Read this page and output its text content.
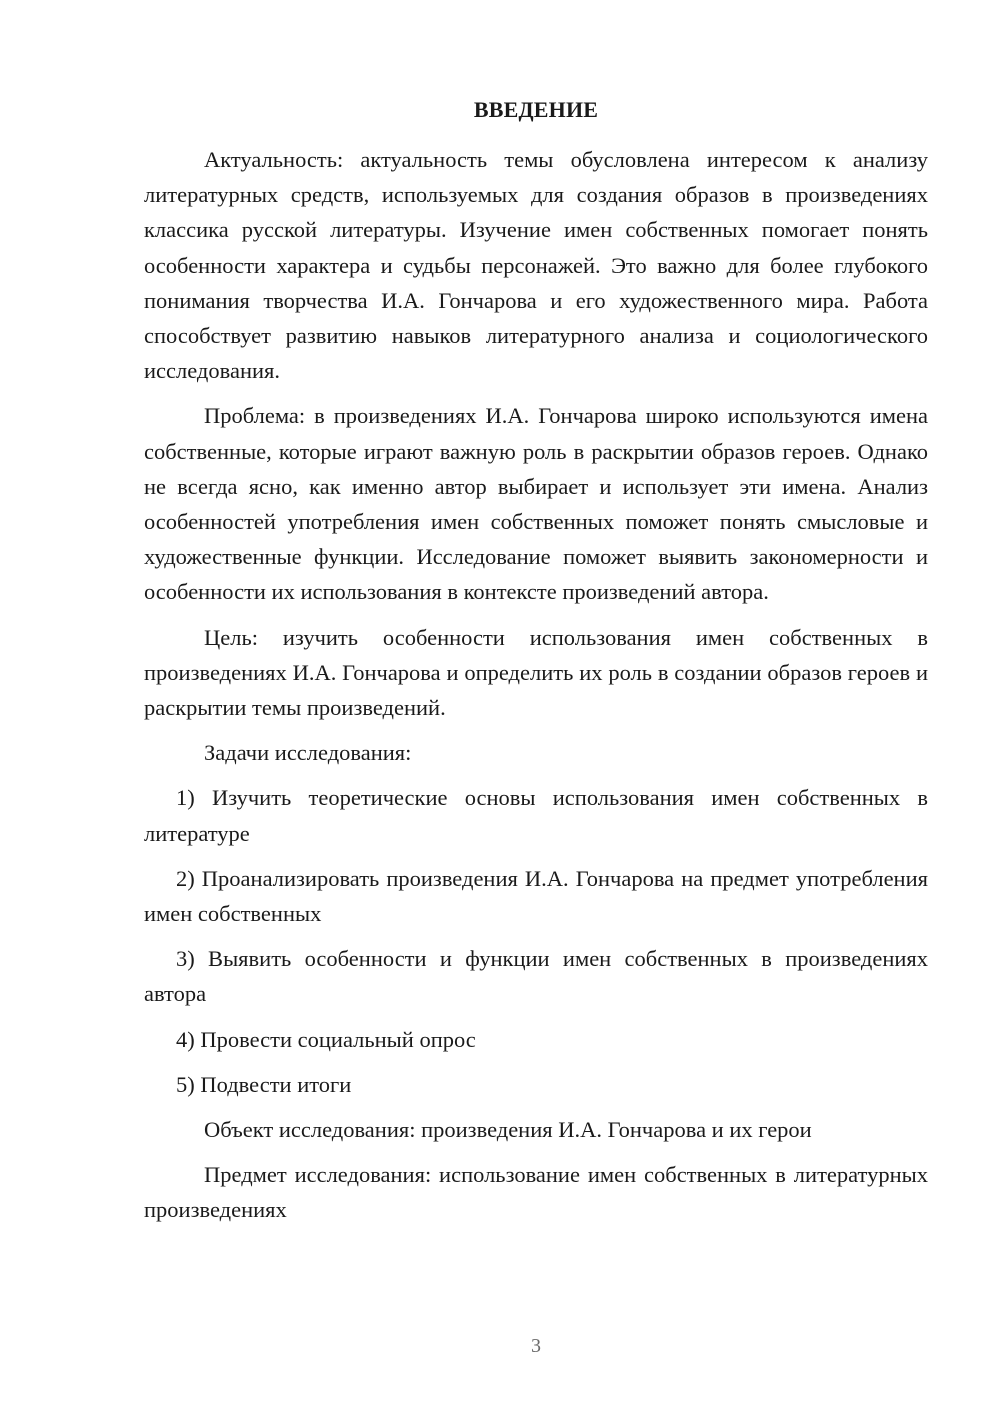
ВВЕДЕНИЕ

Актуальность: актуальность темы обусловлена интересом к анализу литературных средств, используемых для создания образов в произведениях классика русской литературы. Изучение имен собственных помогает понять особенности характера и судьбы персонажей. Это важно для более глубокого понимания творчества И.А. Гончарова и его художественного мира. Работа способствует развитию навыков литературного анализа и социологического исследования.

Проблема: в произведениях И.А. Гончарова широко используются имена собственные, которые играют важную роль в раскрытии образов героев. Однако не всегда ясно, как именно автор выбирает и использует эти имена. Анализ особенностей употребления имен собственных поможет понять смысловые и художественные функции. Исследование поможет выявить закономерности и особенности их использования в контексте произведений автора.

Цель: изучить особенности использования имен собственных в произведениях И.А. Гончарова и определить их роль в создании образов героев и раскрытии темы произведений.

Задачи исследования:

1) Изучить теоретические основы использования имен собственных в литературе

2) Проанализировать произведения И.А. Гончарова на предмет употребления имен собственных

3) Выявить особенности и функции имен собственных в произведениях автора

4) Провести социальный опрос

5) Подвести итоги

Объект исследования: произведения И.А. Гончарова и их герои

Предмет исследования: использование имен собственных в литературных произведениях

3
